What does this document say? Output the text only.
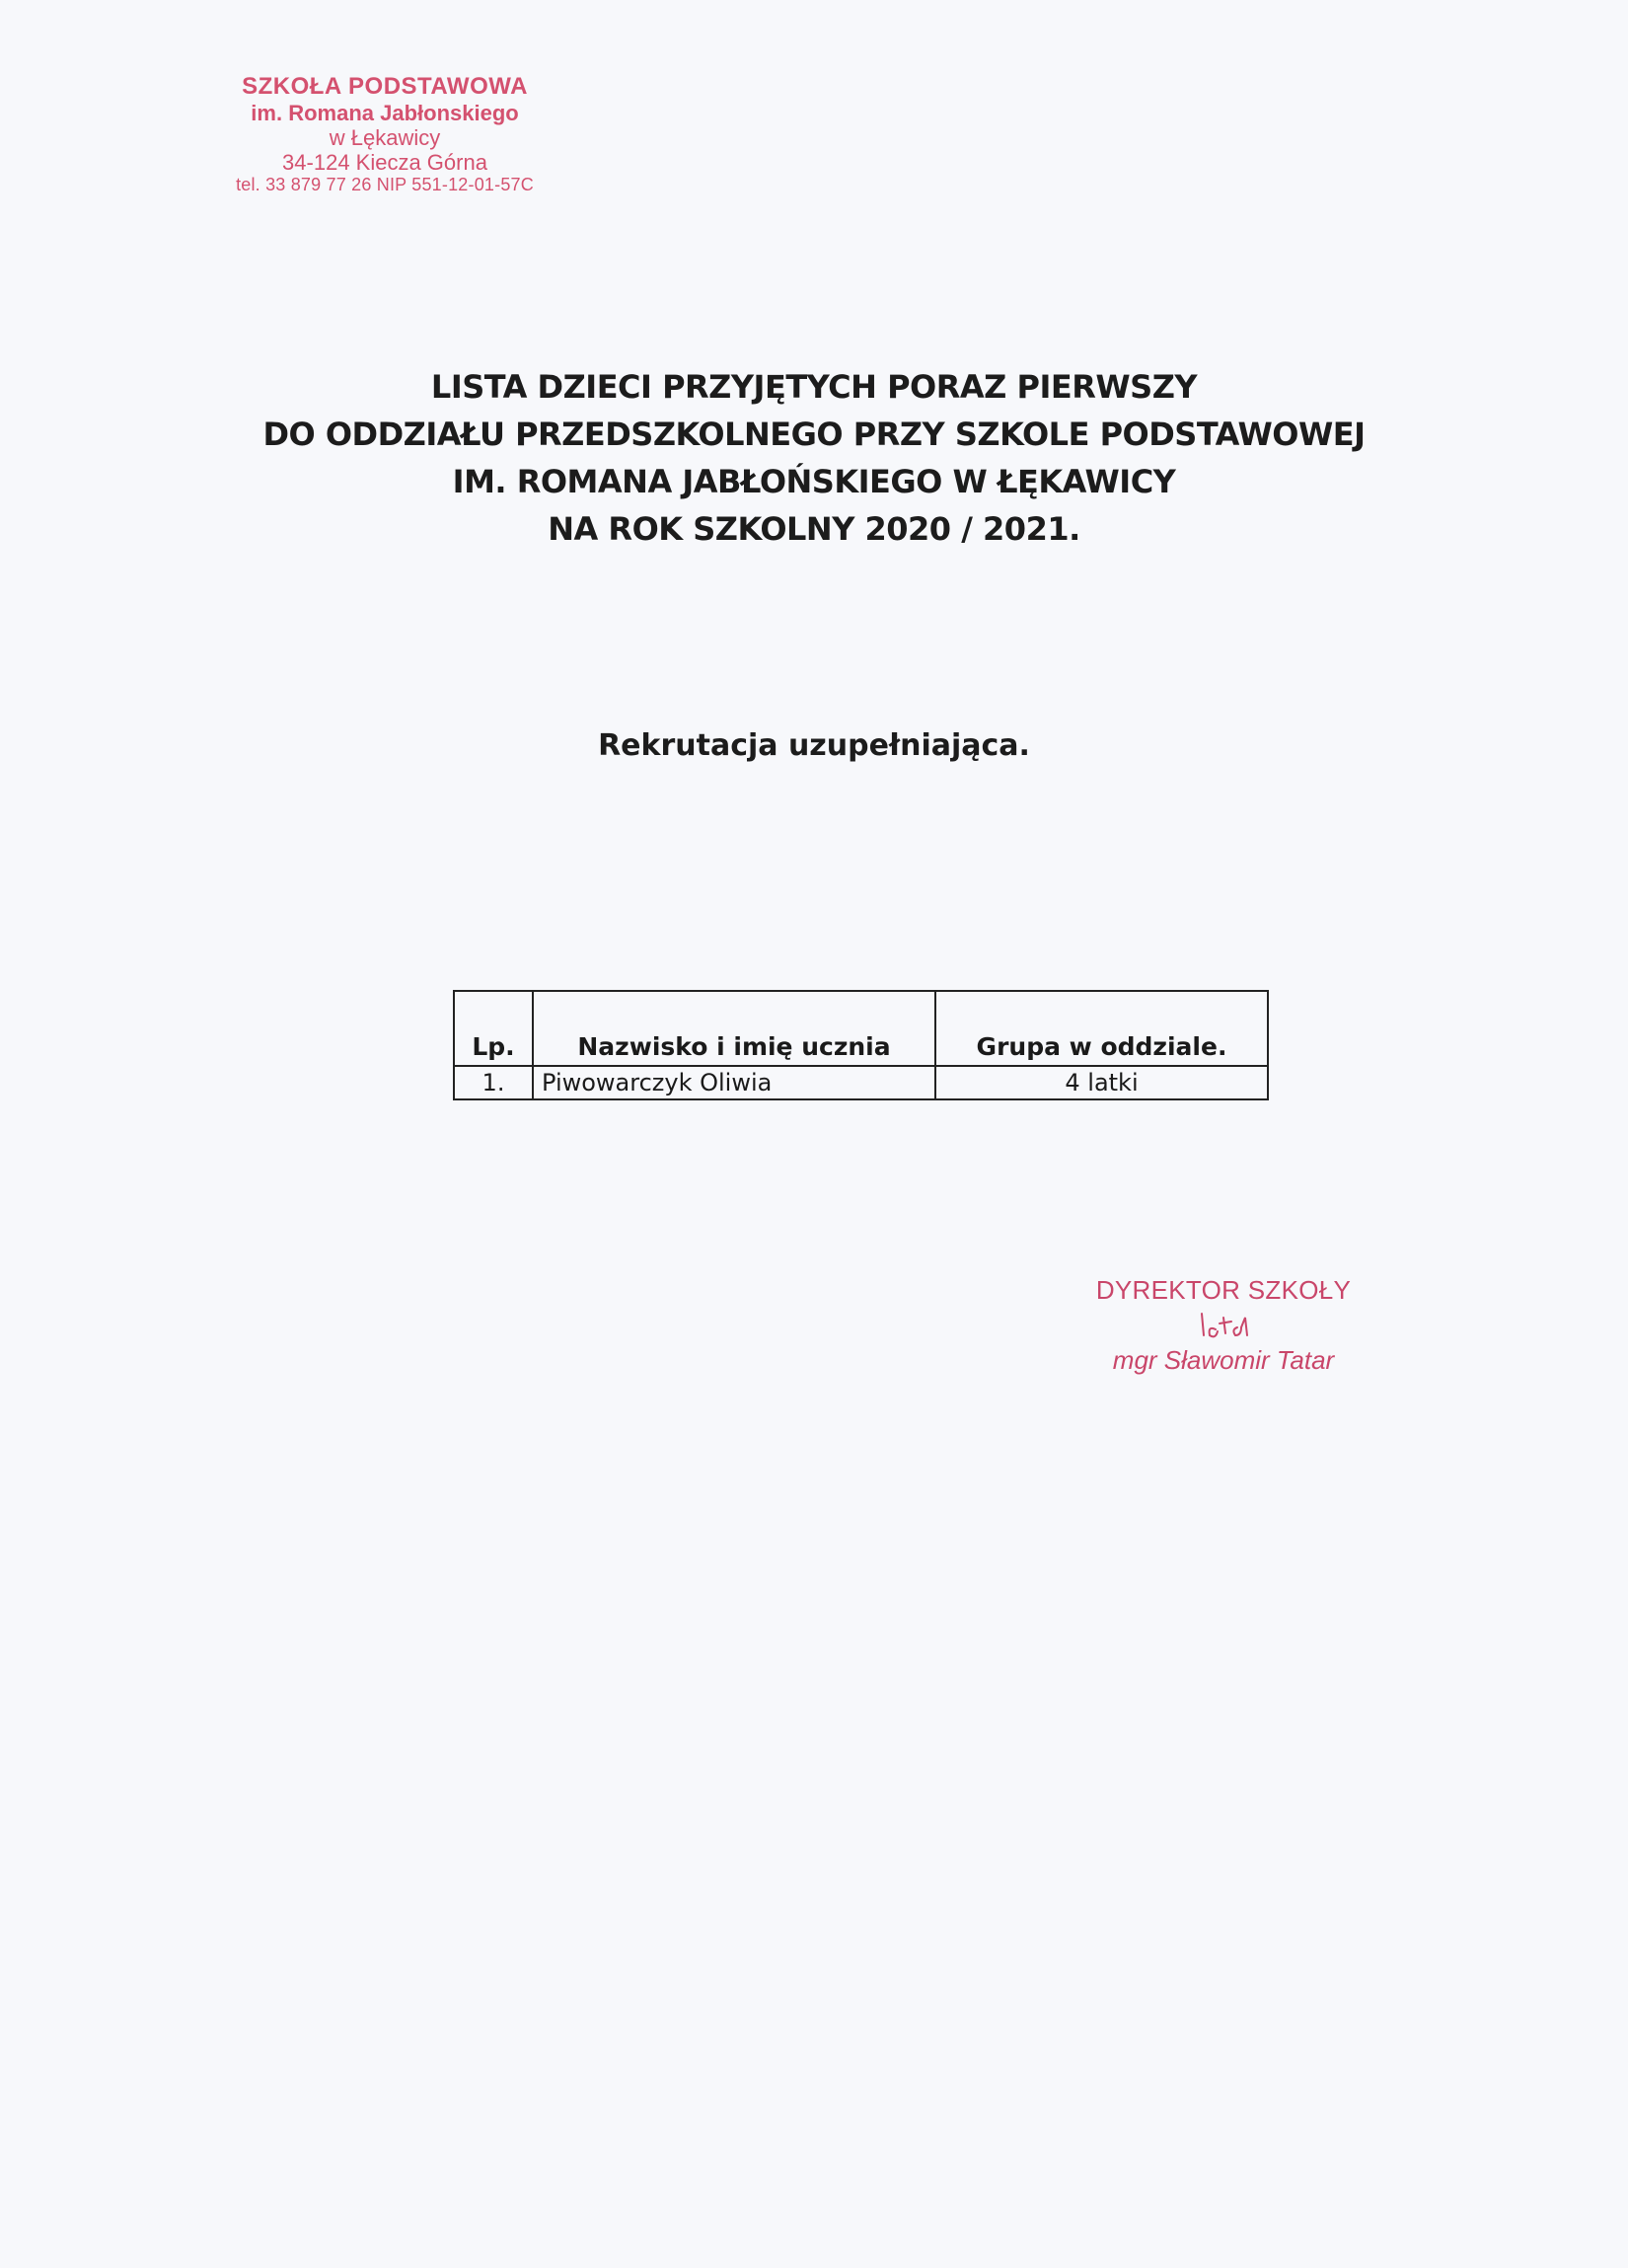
SZKOŁA PODSTAWOWA
im. Romana Jabłonskiego
w Łękawicy
34-124 Kiecza Górna
tel. 33 879 77 26 NIP 551-12-01-57C
LISTA DZIECI PRZYJĘTYCH PORAZ PIERWSZY
DO ODDZIAŁU PRZEDSZKOLNEGO PRZY SZKOLE PODSTAWOWEJ
IM. ROMANA JABŁOŃSKIEGO W ŁĘKAWICY
NA ROK SZKOLNY 2020 / 2021.
Rekrutacja uzupełniająca.
Lp.	Nazwisko i imię ucznia	Grupa w oddziale.
1.	Piwowarczyk Oliwia	4 latki
DYREKTOR SZKOŁY
mgr Sławomir Tatar
